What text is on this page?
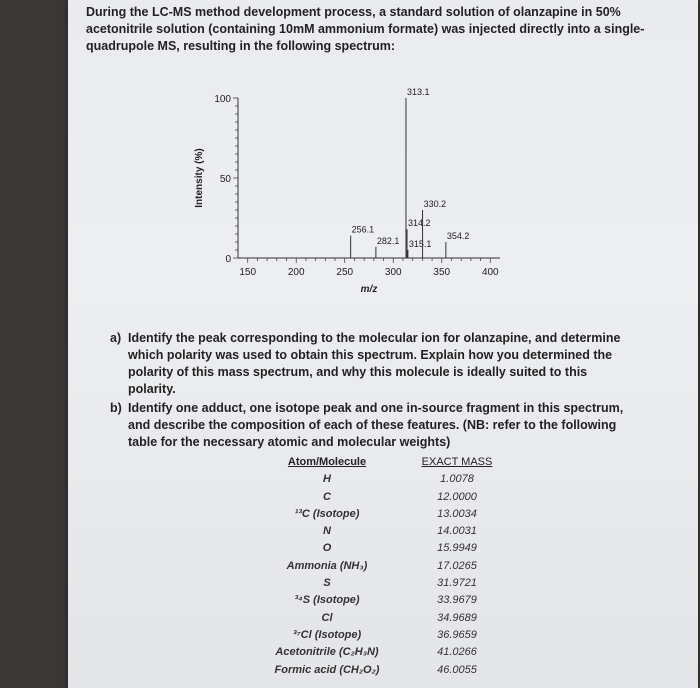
During the LC-MS method development process, a standard solution of olanzapine in 50% acetonitrile solution (containing 10mM ammonium formate) was injected directly into a single-quadrupole MS, resulting in the following spectrum:
0
50
100
150	200	250	300	350	400
m/z
Intensity (%)
256.1
282.1
313.1
314.2
315.1
330.2
354.2
a) Identify the peak corresponding to the molecular ion for olanzapine, and determine which polarity was used to obtain this spectrum. Explain how you determined the polarity of this mass spectrum, and why this molecule is ideally suited to this polarity.
b) Identify one adduct, one isotope peak and one in-source fragment in this spectrum, and describe the composition of each of these features. (NB: refer to the following table for the necessary atomic and molecular weights)
Atom/Molecule	EXACT MASS
H	1.0078
C	12.0000
¹³C (Isotope)	13.0034
N	14.0031
O	15.9949
Ammonia (NH₃)	17.0265
S	31.9721
³⁴S (Isotope)	33.9679
Cl	34.9689
³⁷Cl (Isotope)	36.9659
Acetonitrile (C₂H₃N)	41.0266
Formic acid (CH₂O₂)	46.0055
